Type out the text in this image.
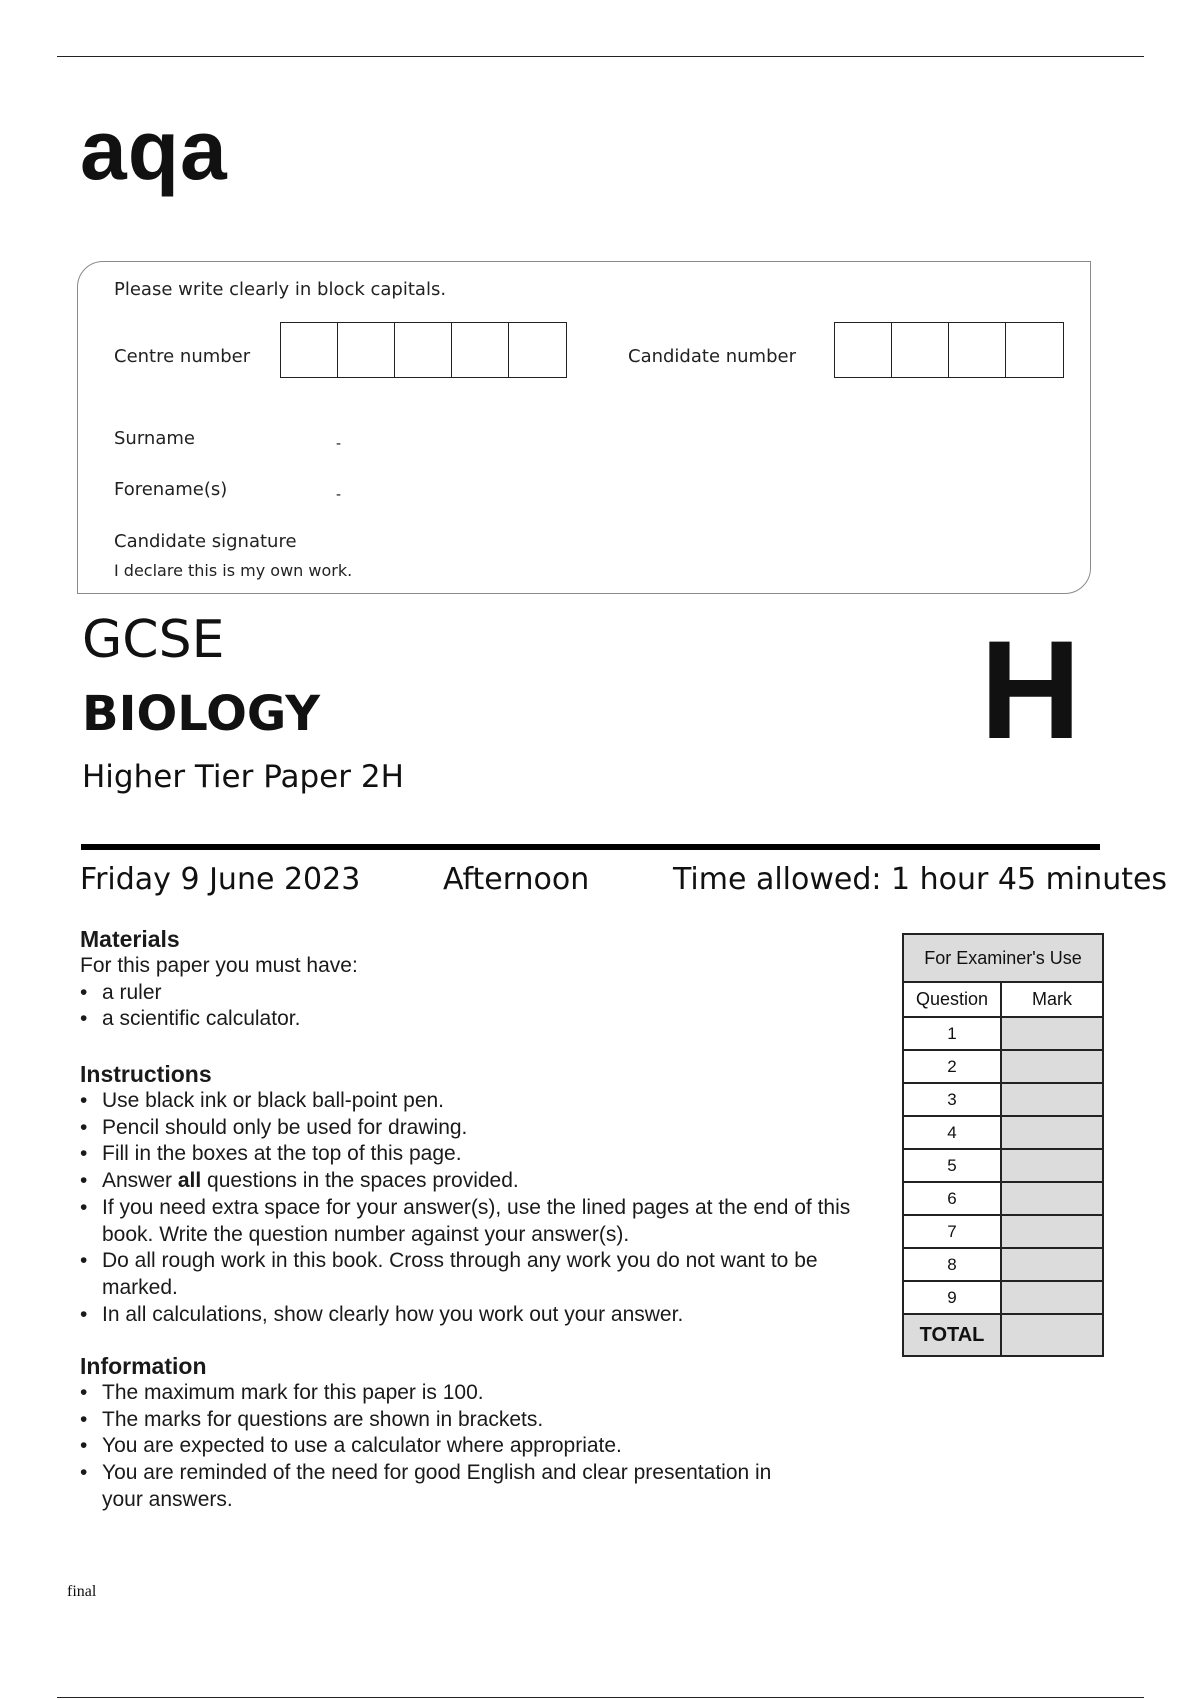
aqa
Please write clearly in block capitals.
Centre number	Candidate number
Surname	-
Forename(s)	-
Candidate signature
I declare this is my own work.
GCSE
BIOLOGY
Higher Tier Paper 2H
H
Friday 9 June 2023	Afternoon	Time allowed: 1 hour 45 minutes
Materials

For this paper you must have:

• a ruler
• a scientific calculator.
Instructions
• Use black ink or black ball-point pen.
• Pencil should only be used for drawing.
• Fill in the boxes at the top of this page.
• Answer all questions in the spaces provided.
• If you need extra space for your answer(s), use the lined pages at the end of this book. Write the question number against your answer(s).
• Do all rough work in this book. Cross through any work you do not want to be marked.
• In all calculations, show clearly how you work out your answer.
Information
• The maximum mark for this paper is 100.
• The marks for questions are shown in brackets.
• You are expected to use a calculator where appropriate.
• You are reminded of the need for good English and clear presentation in your answers.
For Examiner's Use	
Question	Mark
1	
2	
3	
4	
5	
6	
7	
8	
9	
TOTAL	
final
